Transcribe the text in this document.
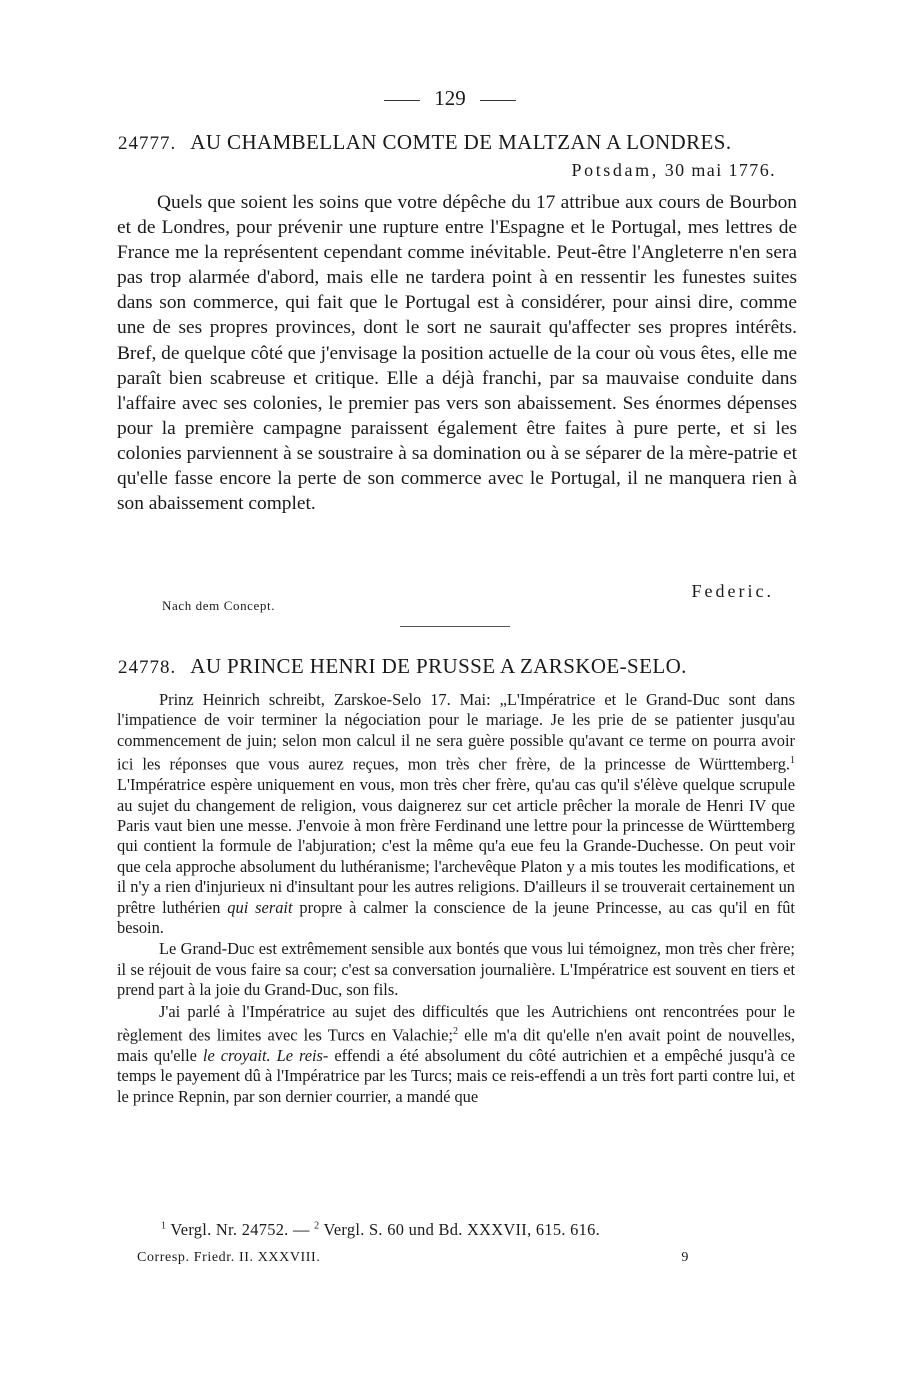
129
24777. AU CHAMBELLAN COMTE DE MALTZAN A LONDRES.
Potsdam, 30 mai 1776.

Quels que soient les soins que votre dépêche du 17 attribue aux cours de Bourbon et de Londres, pour prévenir une rupture entre l'Espagne et le Portugal, mes lettres de France me la représentent cependant comme inévitable. Peut-être l'Angleterre n'en sera pas trop alarmée d'abord, mais elle ne tardera point à en ressentir les funestes suites dans son commerce, qui fait que le Portugal est à considérer, pour ainsi dire, comme une de ses propres provinces, dont le sort ne saurait qu'affecter ses propres intérêts. Bref, de quelque côté que j'envisage la position actuelle de la cour où vous êtes, elle me paraît bien scabreuse et critique. Elle a déjà franchi, par sa mauvaise conduite dans l'affaire avec ses colonies, le premier pas vers son abaissement. Ses énormes dépenses pour la première campagne paraissent également être faites à pure perte, et si les colonies parviennent à se soustraire à sa domination ou à se séparer de la mère-patrie et qu'elle fasse encore la perte de son commerce avec le Portugal, il ne manquera rien à son abaissement complet.

Federic.
Nach dem Concept.
24778. AU PRINCE HENRI DE PRUSSE A ZARSKOE-SELO.

Prinz Heinrich schreibt, Zarskoe-Selo 17. Mai: „L'Impératrice et le Grand-Duc sont dans l'impatience de voir terminer la négociation pour le mariage. Je les prie de se patienter jusqu'au commencement de juin; selon mon calcul il ne sera guère possible qu'avant ce terme on pourra avoir ici les réponses que vous aurez reçues, mon très cher frère, de la princesse de Württemberg.$^1$ L'Impératrice espère uniquement en vous, mon très cher frère, qu'au cas qu'il s'élève quelque scrupule au sujet du changement de religion, vous daignerez sur cet article prêcher la morale de Henri IV que Paris vaut bien une messe. J'envoie à mon frère Ferdinand une lettre pour la princesse de Württemberg qui contient la formule de l'abjuration; c'est la même qu'a eue feu la Grande-Duchesse. On peut voir que cela approche absolument du luthéranisme; l'archevêque Platon y a mis toutes les modifications, et il n'y a rien d'injurieux ni d'insultant pour les autres religions. D'ailleurs il se trouverait certainement un prêtre luthérien qui serait propre à calmer la conscience de la jeune Princesse, au cas qu'il en fût besoin.

Le Grand-Duc est extrêmement sensible aux bontés que vous lui témoignez, mon très cher frère; il se réjouit de vous faire sa cour; c'est sa conversation journalière. L'Impératrice est souvent en tiers et prend part à la joie du Grand-Duc, son fils.

J'ai parlé à l'Impératrice au sujet des difficultés que les Autrichiens ont rencontrées pour le règlement des limites avec les Turcs en Valachie;$^2$ elle m'a dit qu'elle n'en avait point de nouvelles, mais qu'elle le croyait. Le reis- effendi a été absolument du côté autrichien et a empêché jusqu'à ce temps le payement dû à l'Impératrice par les Turcs; mais ce reis-effendi a un très fort parti contre lui, et le prince Repnin, par son dernier courrier, a mandé que

$^1$ Vergl. Nr. 24752. — $^2$ Vergl. S. 60 und Bd. XXXVII, 615. 616.
Corresp. Friedr. II. XXXVIII.	9
